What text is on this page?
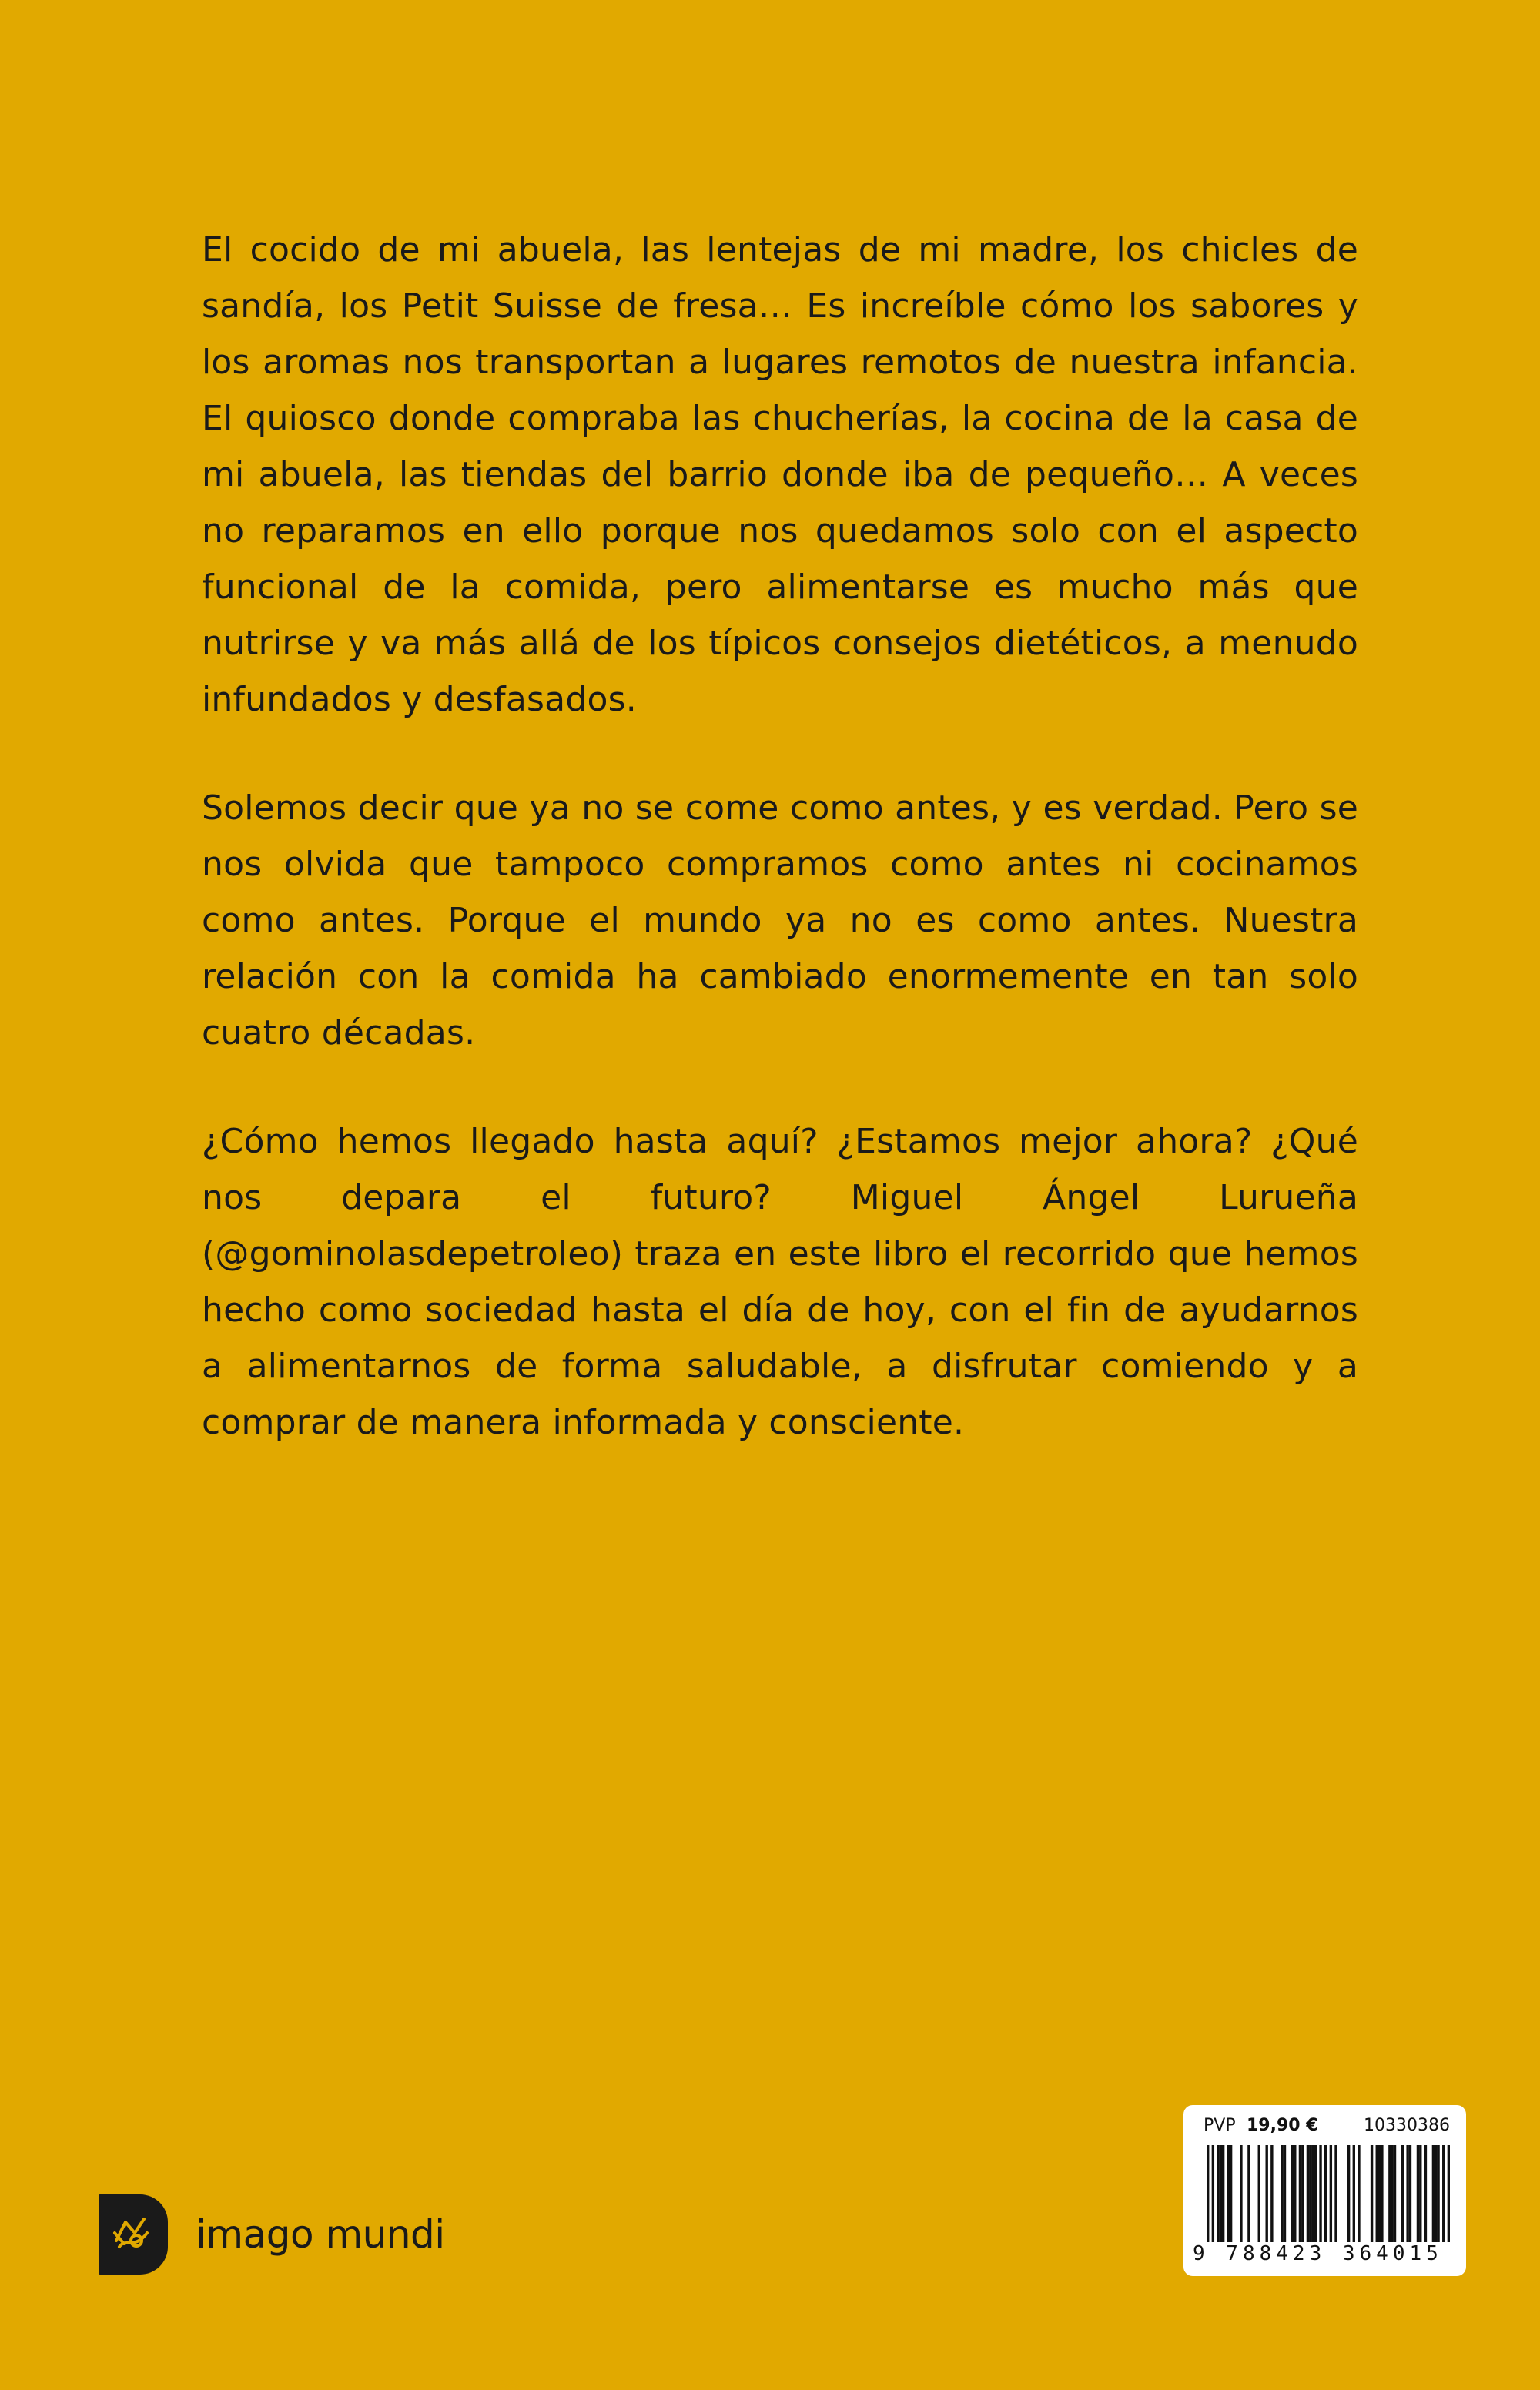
El cocido de mi abuela, las lentejas de mi madre, los chicles de sandía, los Petit Suisse de fresa… Es increíble cómo los sabores y los aromas nos transportan a lugares remotos de nuestra infancia. El quiosco donde compraba las chucherías, la cocina de la casa de mi abuela, las tiendas del barrio donde iba de pequeño… A veces no reparamos en ello porque nos quedamos solo con el aspecto funcional de la comida, pero alimentarse es mucho más que nutrirse y va más allá de los típicos consejos dietéticos, a menudo infundados y desfasados.

Solemos decir que ya no se come como antes, y es verdad. Pero se nos olvida que tampoco compramos como antes ni cocinamos como antes. Porque el mundo ya no es como antes. Nuestra relación con la comida ha cambiado enormemente en tan solo cuatro décadas.

¿Cómo hemos llegado hasta aquí? ¿Estamos mejor ahora? ¿Qué nos depara el futuro? Miguel Ángel Lurueña (@gominolasdepetroleo) traza en este libro el recorrido que hemos hecho como sociedad hasta el día de hoy, con el fin de ayudarnos a alimentarnos de forma saludable, a disfrutar comiendo y a comprar de manera informada y consciente.

imago mundi
PVP 19,90 €	10330386
9 788423 364015
